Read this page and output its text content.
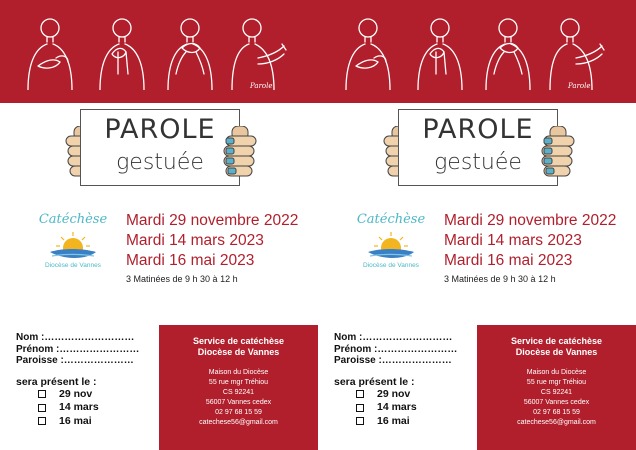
Parole
PAROLE
gestuée
Catéchèse
Diocèse de Vannes
Mardi 29 novembre 2022
Mardi 14 mars 2023
Mardi 16 mai 2023
3 Matinées de 9 h 30 à 12 h
Nom :………………………
Prénom :……………………
Paroisse :…………………
sera présent le :
29 nov
14 mars
16 mai
Service de catéchèse
Diocèse de Vannes
Maison du Diocèse
55 rue mgr Tréhiou
CS 92241
56007 Vannes cedex
02 97 68 15 59
catechese56@gmail.com
Parole
PAROLE
gestuée
Catéchèse
Diocèse de Vannes
Mardi 29 novembre 2022
Mardi 14 mars 2023
Mardi 16 mai 2023
3 Matinées de 9 h 30 à 12 h
Nom :………………………
Prénom :……………………
Paroisse :…………………
sera présent le :
29 nov
14 mars
16 mai
Service de catéchèse
Diocèse de Vannes
Maison du Diocèse
55 rue mgr Tréhiou
CS 92241
56007 Vannes cedex
02 97 68 15 59
catechese56@gmail.com
